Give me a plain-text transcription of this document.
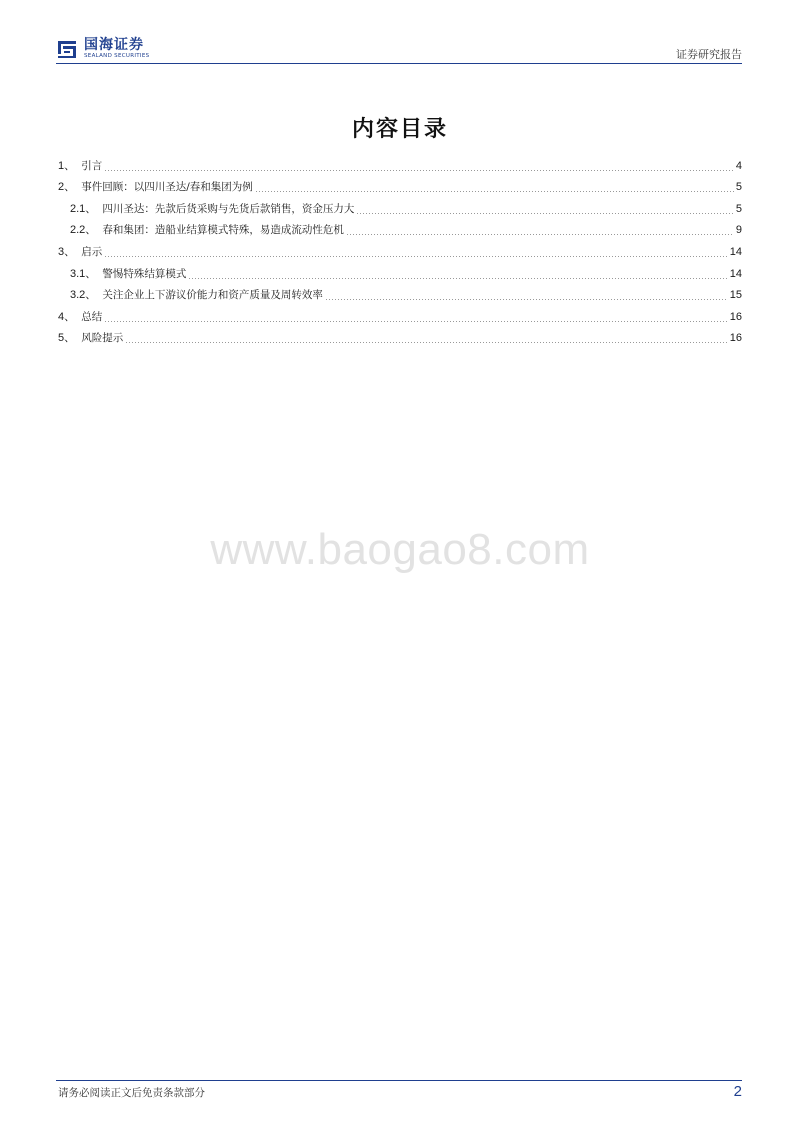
国海证券
SEALAND SECURITIES	证券研究报告
内容目录
1、 引言	4
2、 事件回顾：以四川圣达/春和集团为例	5
2.1、 四川圣达：先款后货采购与先货后款销售，资金压力大	5
2.2、 春和集团：造船业结算模式特殊，易造成流动性危机	9
3、 启示	14
3.1、 警惕特殊结算模式	14
3.2、 关注企业上下游议价能力和资产质量及周转效率	15
4、 总结	16
5、 风险提示	16
www.baogao8.com
请务必阅读正文后免责条款部分	2
